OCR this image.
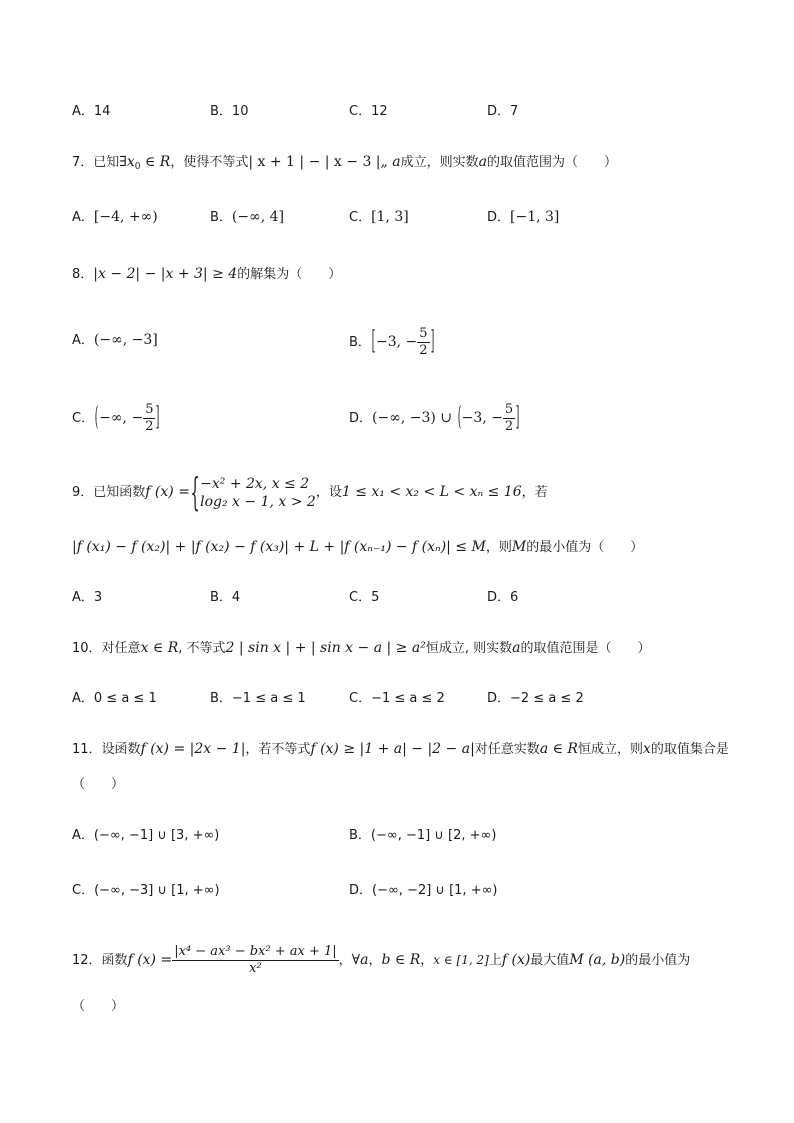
A．14	B．10	C．12	D．7
7．已知$\exists x_0$ ∈ R，使得不等式| x + 1 | − | x − 3 |„ a成立，则实数a的取值范围为（　　）
A．[−4, +∞)	B．(−∞, 4]	C．[1, 3]	D．[−1, 3]
8．|x − 2| − |x + 3| ≥ 4的解集为（　　）
A．(−∞, −3]	B．[−3, − $\frac{5}{2}$ ]
C．(−∞, − $\frac{5}{2}$ ]	D．(−∞, −3) ∪ (−3, − $\frac{5}{2}$ ]
9．已知函数f (x) ={ −x² + 2x, x ≤ 2
log₂ x − 1, x > 2
，设1 ≤ x₁ < x₂ < L < xₙ ≤ 16，若
|f (x₁) − f (x₂)| + |f (x₂) − f (x₃)| + L + |f (xₙ₋₁) − f (xₙ)| ≤ M，则M的最小值为（　　）
A．3	B．4	C．5	D．6
10．对任意x ∈ R, 不等式2 | sin x | + | sin x − a | ≥ a²恒成立, 则实数a的取值范围是（　　）
A．0 ≤ a ≤ 1	B．−1 ≤ a ≤ 1	C．−1 ≤ a ≤ 2	D．−2 ≤ a ≤ 2
11．设函数f (x) = |2x − 1|，若不等式f (x) ≥ |1 + a| − |2 − a|对任意实数a ∈ R恒成立，则x的取值集合是
（　　）
A．(−∞, −1] ∪ [3, +∞)	B．(−∞, −1] ∪ [2, +∞)
C．(−∞, −3] ∪ [1, +∞)	D．(−∞, −2] ∪ [1, +∞)
12．函数f $(x) = \frac{\text{|x⁴ − ax³ − bx² + ax + 1|}}{\text{x²}}$ ，∀a，b ∈ R，x ∈ [1, 2]上f (x)最大值M (a, b)的最小值为
（　　）
